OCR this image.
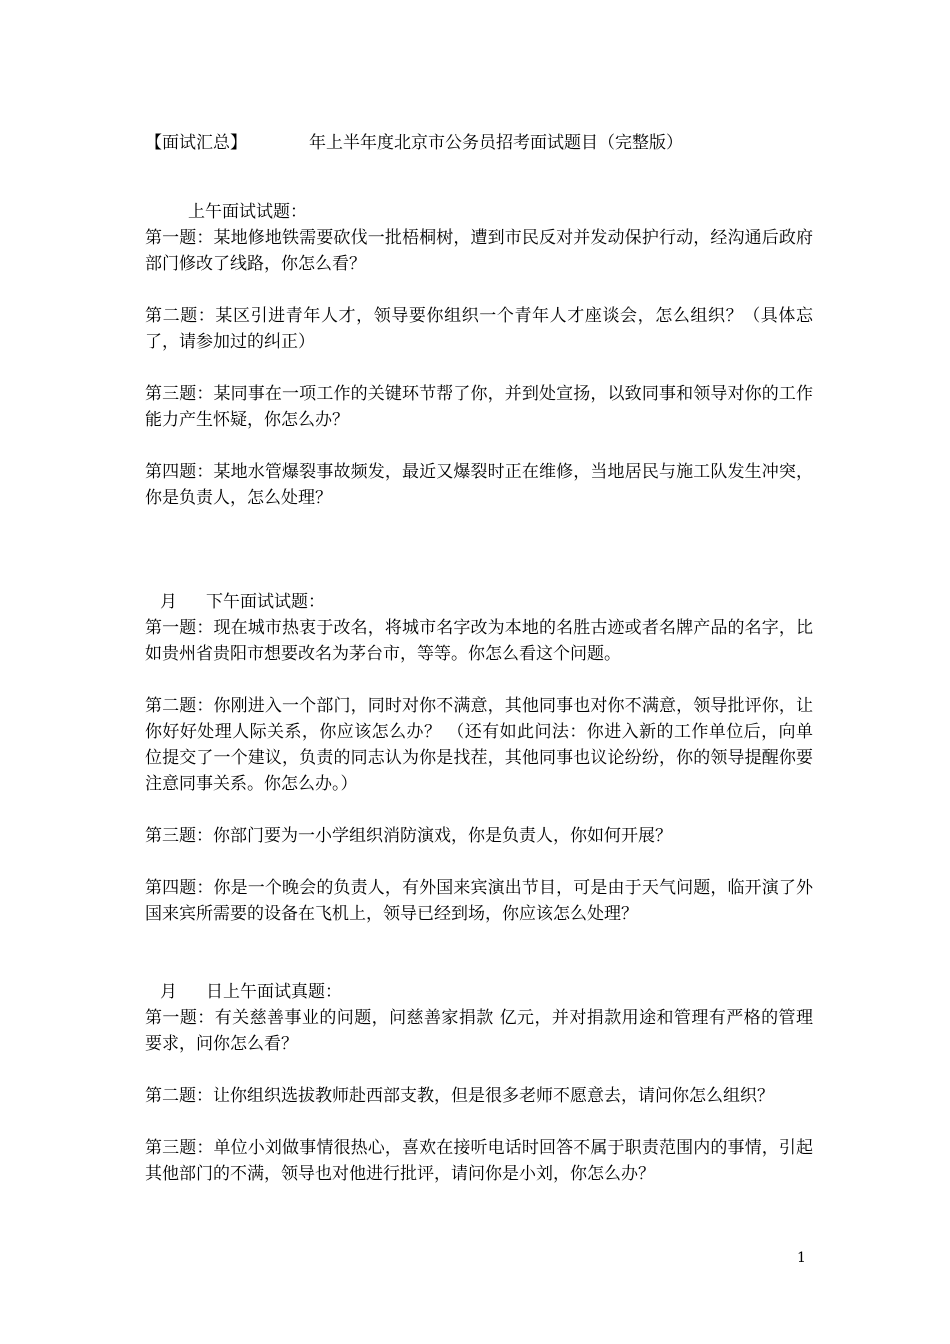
【面试汇总】	年上半年度北京市公务员招考面试题目（完整版）

上午面试试题：

第一题：某地修地铁需要砍伐一批梧桐树，遭到市民反对并发动保护行动，经沟通后政府部门修改了线路，你怎么看？

第二题：某区引进青年人才，领导要你组织一个青年人才座谈会，怎么组织？（具体忘了，请参加过的纠正）

第三题：某同事在一项工作的关键环节帮了你，并到处宣扬，以致同事和领导对你的工作能力产生怀疑，你怎么办？

第四题：某地水管爆裂事故频发，最近又爆裂时正在维修，当地居民与施工队发生冲突，你是负责人，怎么处理？

月 下午面试试题：

第一题：现在城市热衷于改名，将城市名字改为本地的名胜古迹或者名牌产品的名字，比如贵州省贵阳市想要改名为茅台市，等等。你怎么看这个问题。

第二题：你刚进入一个部门，同时对你不满意，其他同事也对你不满意，领导批评你，让你好好处理人际关系，你应该怎么办？ （还有如此问法：你进入新的工作单位后，向单位提交了一个建议，负责的同志认为你是找茬，其他同事也议论纷纷，你的领导提醒你要注意同事关系。你怎么办。）

第三题：你部门要为一小学组织消防演戏，你是负责人，你如何开展？

第四题：你是一个晚会的负责人，有外国来宾演出节目，可是由于天气问题，临开演了外国来宾所需要的设备在飞机上，领导已经到场，你应该怎么处理？

月 日上午面试真题：

第一题：有关慈善事业的问题，问慈善家捐款 亿元，并对捐款用途和管理有严格的管理要求，问你怎么看？

第二题：让你组织选拔教师赴西部支教，但是很多老师不愿意去，请问你怎么组织？

第三题：单位小刘做事情很热心，喜欢在接听电话时回答不属于职责范围内的事情，引起其他部门的不满，领导也对他进行批评，请问你是小刘，你怎么办？

1
